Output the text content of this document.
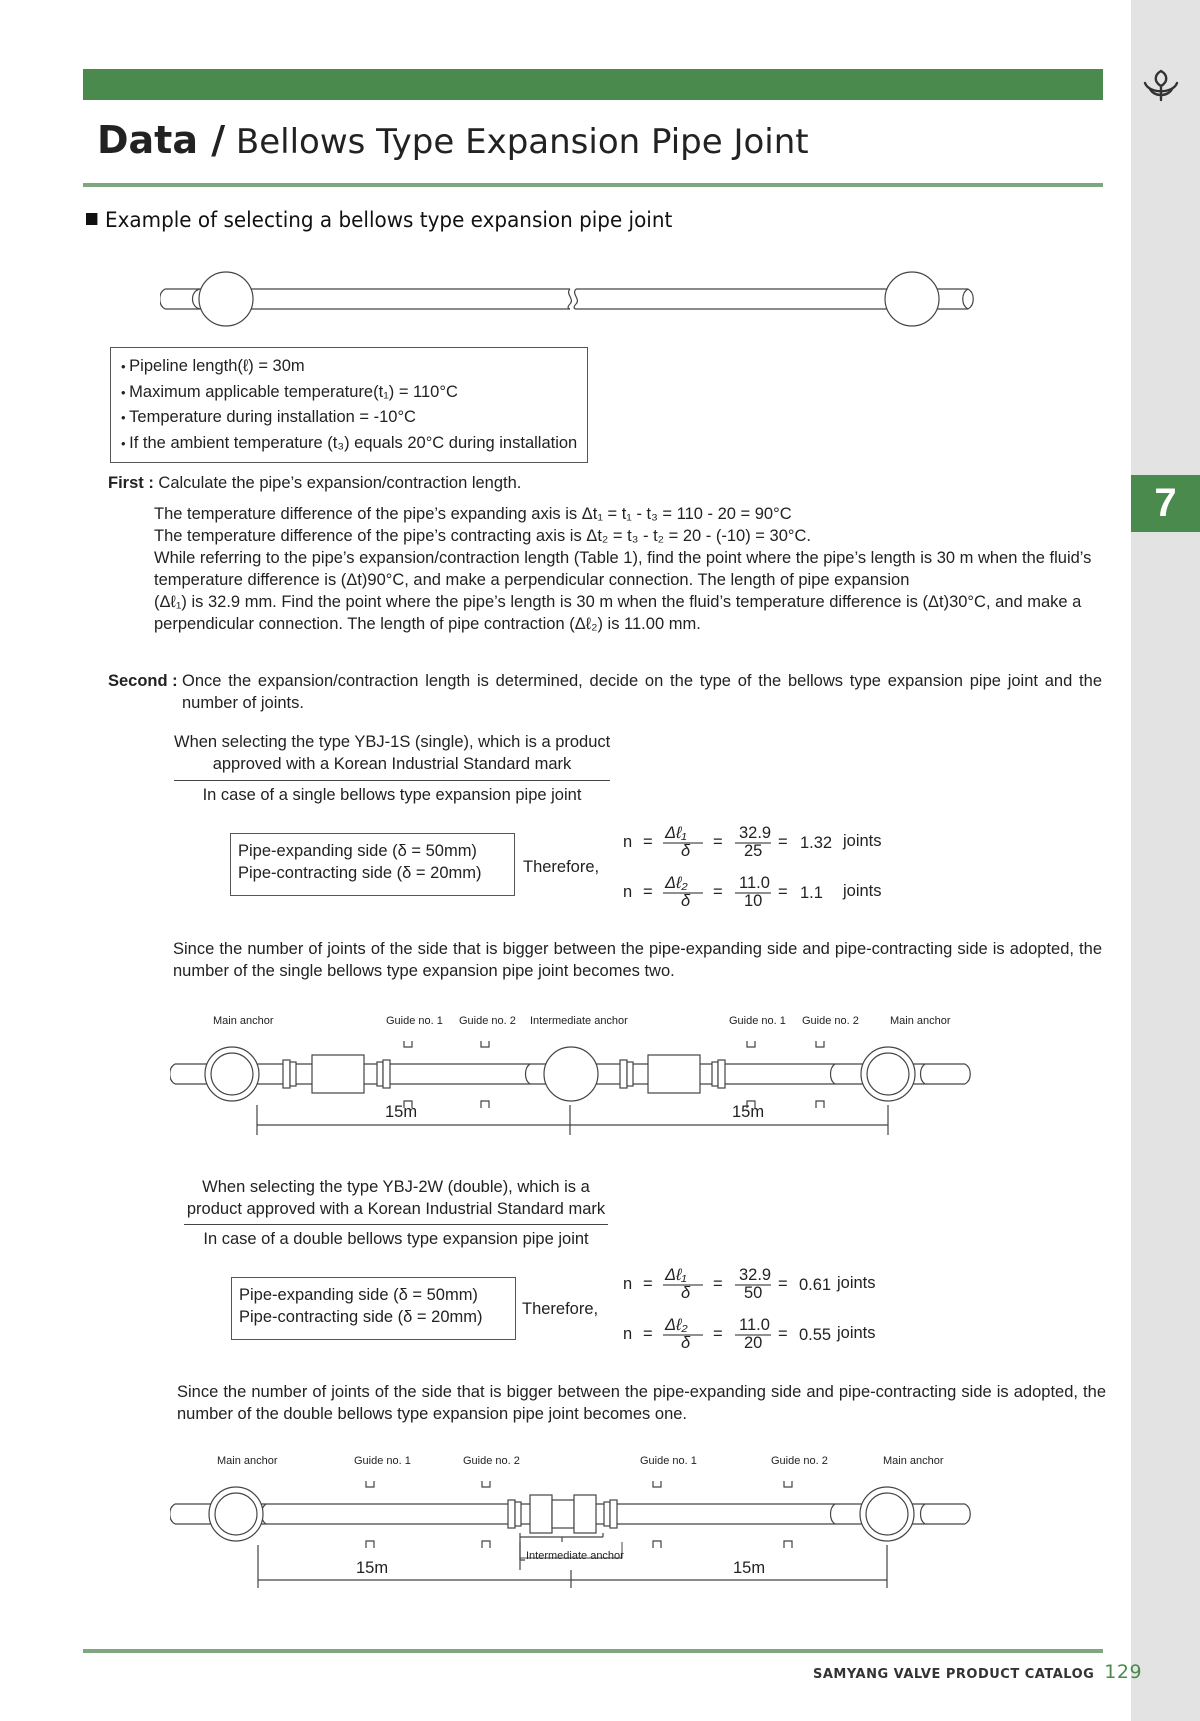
7
Data / Bellows Type Expansion Pipe Joint
Example of selecting a bellows type expansion pipe joint
• Pipeline length(ℓ) = 30m
• Maximum applicable temperature(t₁) = 110°C
• Temperature during installation = -10°C
• If the ambient temperature (t₃) equals 20°C during installation
First : Calculate the pipe’s expansion/contraction length.
The temperature difference of the pipe’s expanding axis is Δt₁ = t₁ - t₃ = 110 - 20 = 90°C
The temperature difference of the pipe’s contracting axis is Δt₂ = t₃ - t₂ = 20 - (-10) = 30°C.
While referring to the pipe’s expansion/contraction length (Table 1), find the point where the pipe’s length is 30 m when the fluid’s
temperature difference is (Δt)90°C, and make a perpendicular connection. The length of pipe expansion
(Δℓ₁) is 32.9 mm. Find the point where the pipe’s length is 30 m when the fluid’s temperature difference is (Δt)30°C, and make a
perpendicular connection. The length of pipe contraction (Δℓ₂) is 11.00 mm.
Second : Once the expansion/contraction length is determined, decide on the type of the bellows type expansion pipe joint and the number of joints.
When selecting the type YBJ-1S (single), which is a product
approved with a Korean Industrial Standard mark
In case of a single bellows type expansion pipe joint
Pipe-expanding side (δ = 50mm)
Pipe-contracting side (δ = 20mm)	Therefore,
n = Δℓ₁
δ = 32.9
25 = 1.32 joints
n = Δℓ₂
δ = 11.0
10 = 1.1 joints
Since the number of joints of the side that is bigger between the pipe-expanding side and pipe-contracting side is adopted, the number of the single bellows type expansion pipe joint becomes two.
Main anchor	Guide no. 1 Guide no. 2 Intermediate anchor	Guide no. 1 Guide no. 2	Main anchor
15m	15m
When selecting the type YBJ-2W (double), which is a
product approved with a Korean Industrial Standard mark
In case of a double bellows type expansion pipe joint
Pipe-expanding side (δ = 50mm)
Pipe-contracting side (δ = 20mm)	Therefore,
n = Δℓ₁
δ = 32.9
50 = 0.61 joints
n = Δℓ₂
δ = 11.0
20 = 0.55 joints
Since the number of joints of the side that is bigger between the pipe-expanding side and pipe-contracting side is adopted, the number of the double bellows type expansion pipe joint becomes one.
Main anchor	Guide no. 1	Guide no. 2	Guide no. 1	Guide no. 2	Main anchor
15m	15m
Intermediate anchor
SAMYANG VALVE PRODUCT CATALOG 129
